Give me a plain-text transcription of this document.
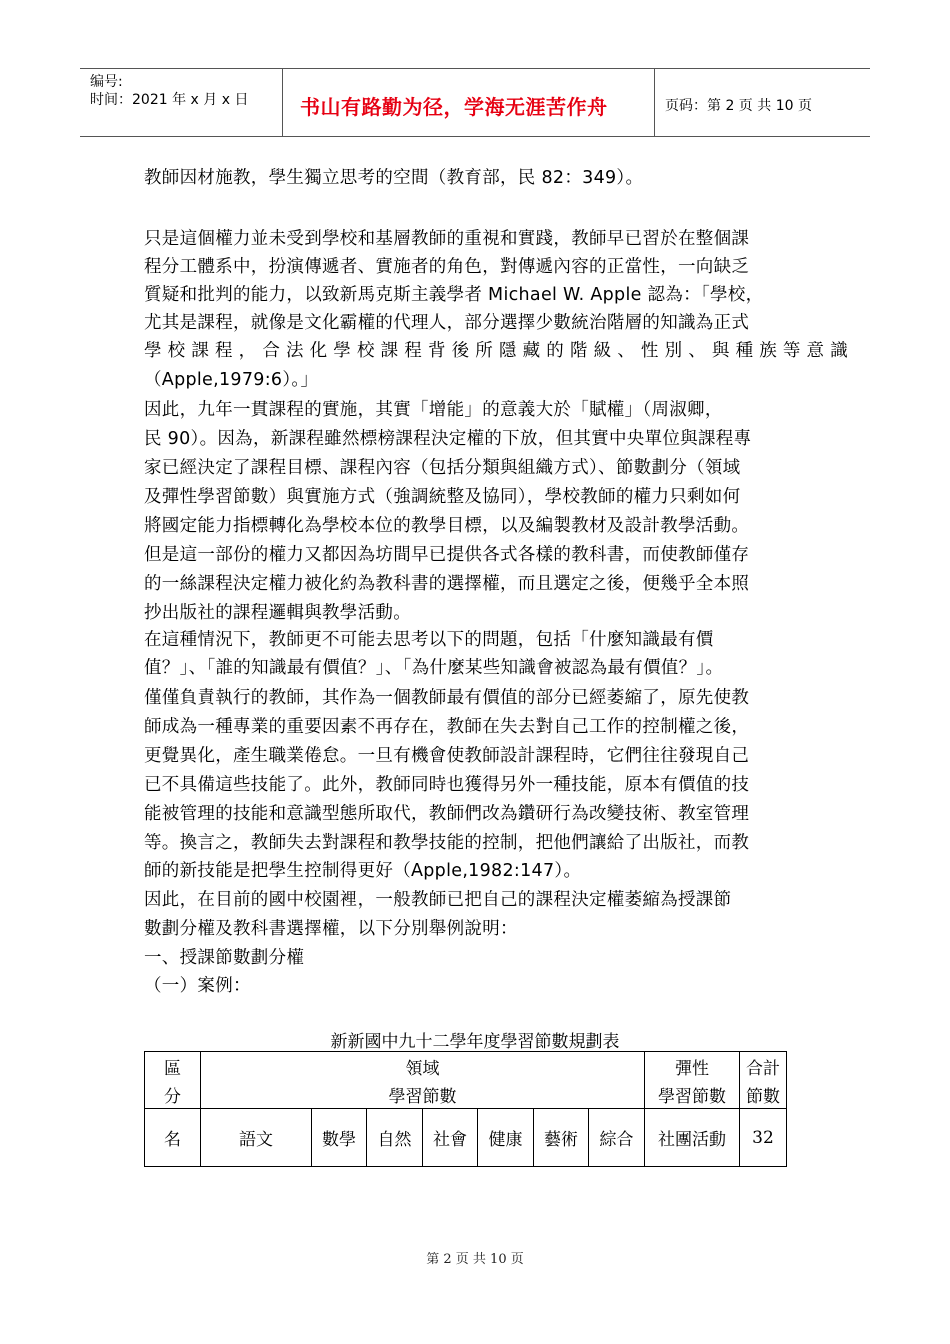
编号:
时间：2021 年 x 月 x 日	书山有路勤为径，学海无涯苦作舟	页码：第 2 页 共 10 页
教師因材施教，學生獨立思考的空間（教育部，民 82：349）。
只是這個權力並未受到學校和基層教師的重視和實踐，教師早已習於在整個課
程分工體系中，扮演傳遞者、實施者的角色，對傳遞內容的正當性，一向缺乏
質疑和批判的能力，以致新馬克斯主義學者 Michael W. Apple 認為：「學校，
尤其是課程，就像是文化霸權的代理人，部分選擇少數統治階層的知識為正式
學 校 課 程 ， 合 法 化 學 校 課 程 背 後 所 隱 藏 的 階 級 、 性 別 、 與 種 族 等 意 識
（Apple,1979:6）。」
因此，九年一貫課程的實施，其實「增能」的意義大於「賦權」（周淑卿，
民 90）。因為，新課程雖然標榜課程決定權的下放，但其實中央單位與課程專
家已經決定了課程目標、課程內容（包括分類與組織方式）、節數劃分（領域
及彈性學習節數）與實施方式（強調統整及協同），學校教師的權力只剩如何
將國定能力指標轉化為學校本位的教學目標，以及編製教材及設計教學活動。
但是這一部份的權力又都因為坊間早已提供各式各樣的教科書，而使教師僅存
的一絲課程決定權力被化約為教科書的選擇權，而且選定之後，便幾乎全本照
抄出版社的課程邏輯與教學活動。
在這種情況下，教師更不可能去思考以下的問題，包括「什麼知識最有價
值？」、「誰的知識最有價值？」、「為什麼某些知識會被認為最有價值？」。
僅僅負責執行的教師，其作為一個教師最有價值的部分已經萎縮了，原先使教
師成為一種專業的重要因素不再存在，教師在失去對自己工作的控制權之後，
更覺異化，產生職業倦怠。一旦有機會使教師設計課程時，它們往往發現自己
已不具備這些技能了。此外，教師同時也獲得另外一種技能，原本有價值的技
能被管理的技能和意識型態所取代，教師們改為鑽研行為改變技術、教室管理
等。換言之，教師失去對課程和教學技能的控制，把他們讓給了出版社，而教
師的新技能是把學生控制得更好（Apple,1982:147）。
因此，在目前的國中校園裡，一般教師已把自己的課程決定權萎縮為授課節
數劃分權及教科書選擇權，以下分別舉例說明：
一、授課節數劃分權
（一）案例：
新新國中九十二學年度學習節數規劃表
區	領域							彈性	合計
分	學習節數							學習節數	節數
名	語文	數學	自然	社會	健康	藝術	綜合	社團活動	32
第 2 页 共 10 页
